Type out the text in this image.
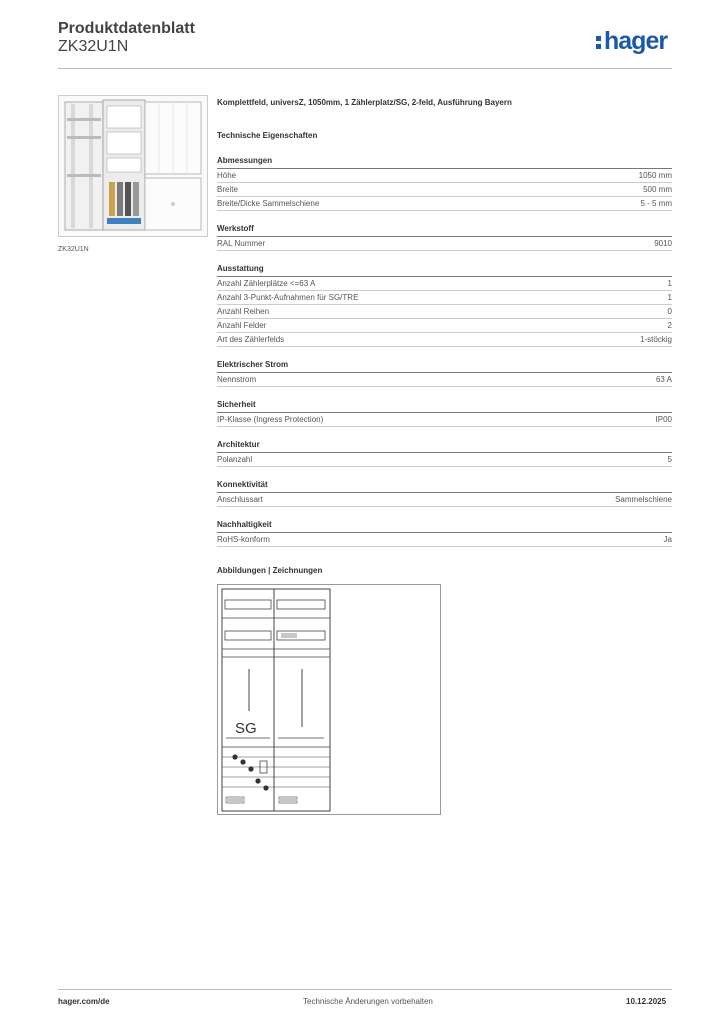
Produktdatenblatt
ZK32U1N	hager
ZK32U1N
Komplettfeld, universZ, 1050mm, 1 Zählerplatz/SG, 2-feld, Ausführung Bayern
Technische Eigenschaften
Abmessungen
Höhe	1050 mm
Breite	500 mm
Breite/Dicke Sammelschiene	5 - 5 mm
Werkstoff
RAL Nummer	9010
Ausstattung
Anzahl Zählerplätze <=63 A	1
Anzahl 3-Punkt-Aufnahmen für SG/TRE	1
Anzahl Reihen	0
Anzahl Felder	2
Art des Zählerfelds	1-stöckig
Elektrischer Strom
Nennstrom	63 A
Sicherheit
IP-Klasse (Ingress Protection)	IP00
Architektur
Polanzahl	5
Konnektivität
Anschlussart	Sammelschiene
Nachhaltigkeit
RoHS-konform	Ja
Abbildungen | Zeichnungen
SG
hager.com/de	Technische Änderungen vorbehalten	10.12.2025
